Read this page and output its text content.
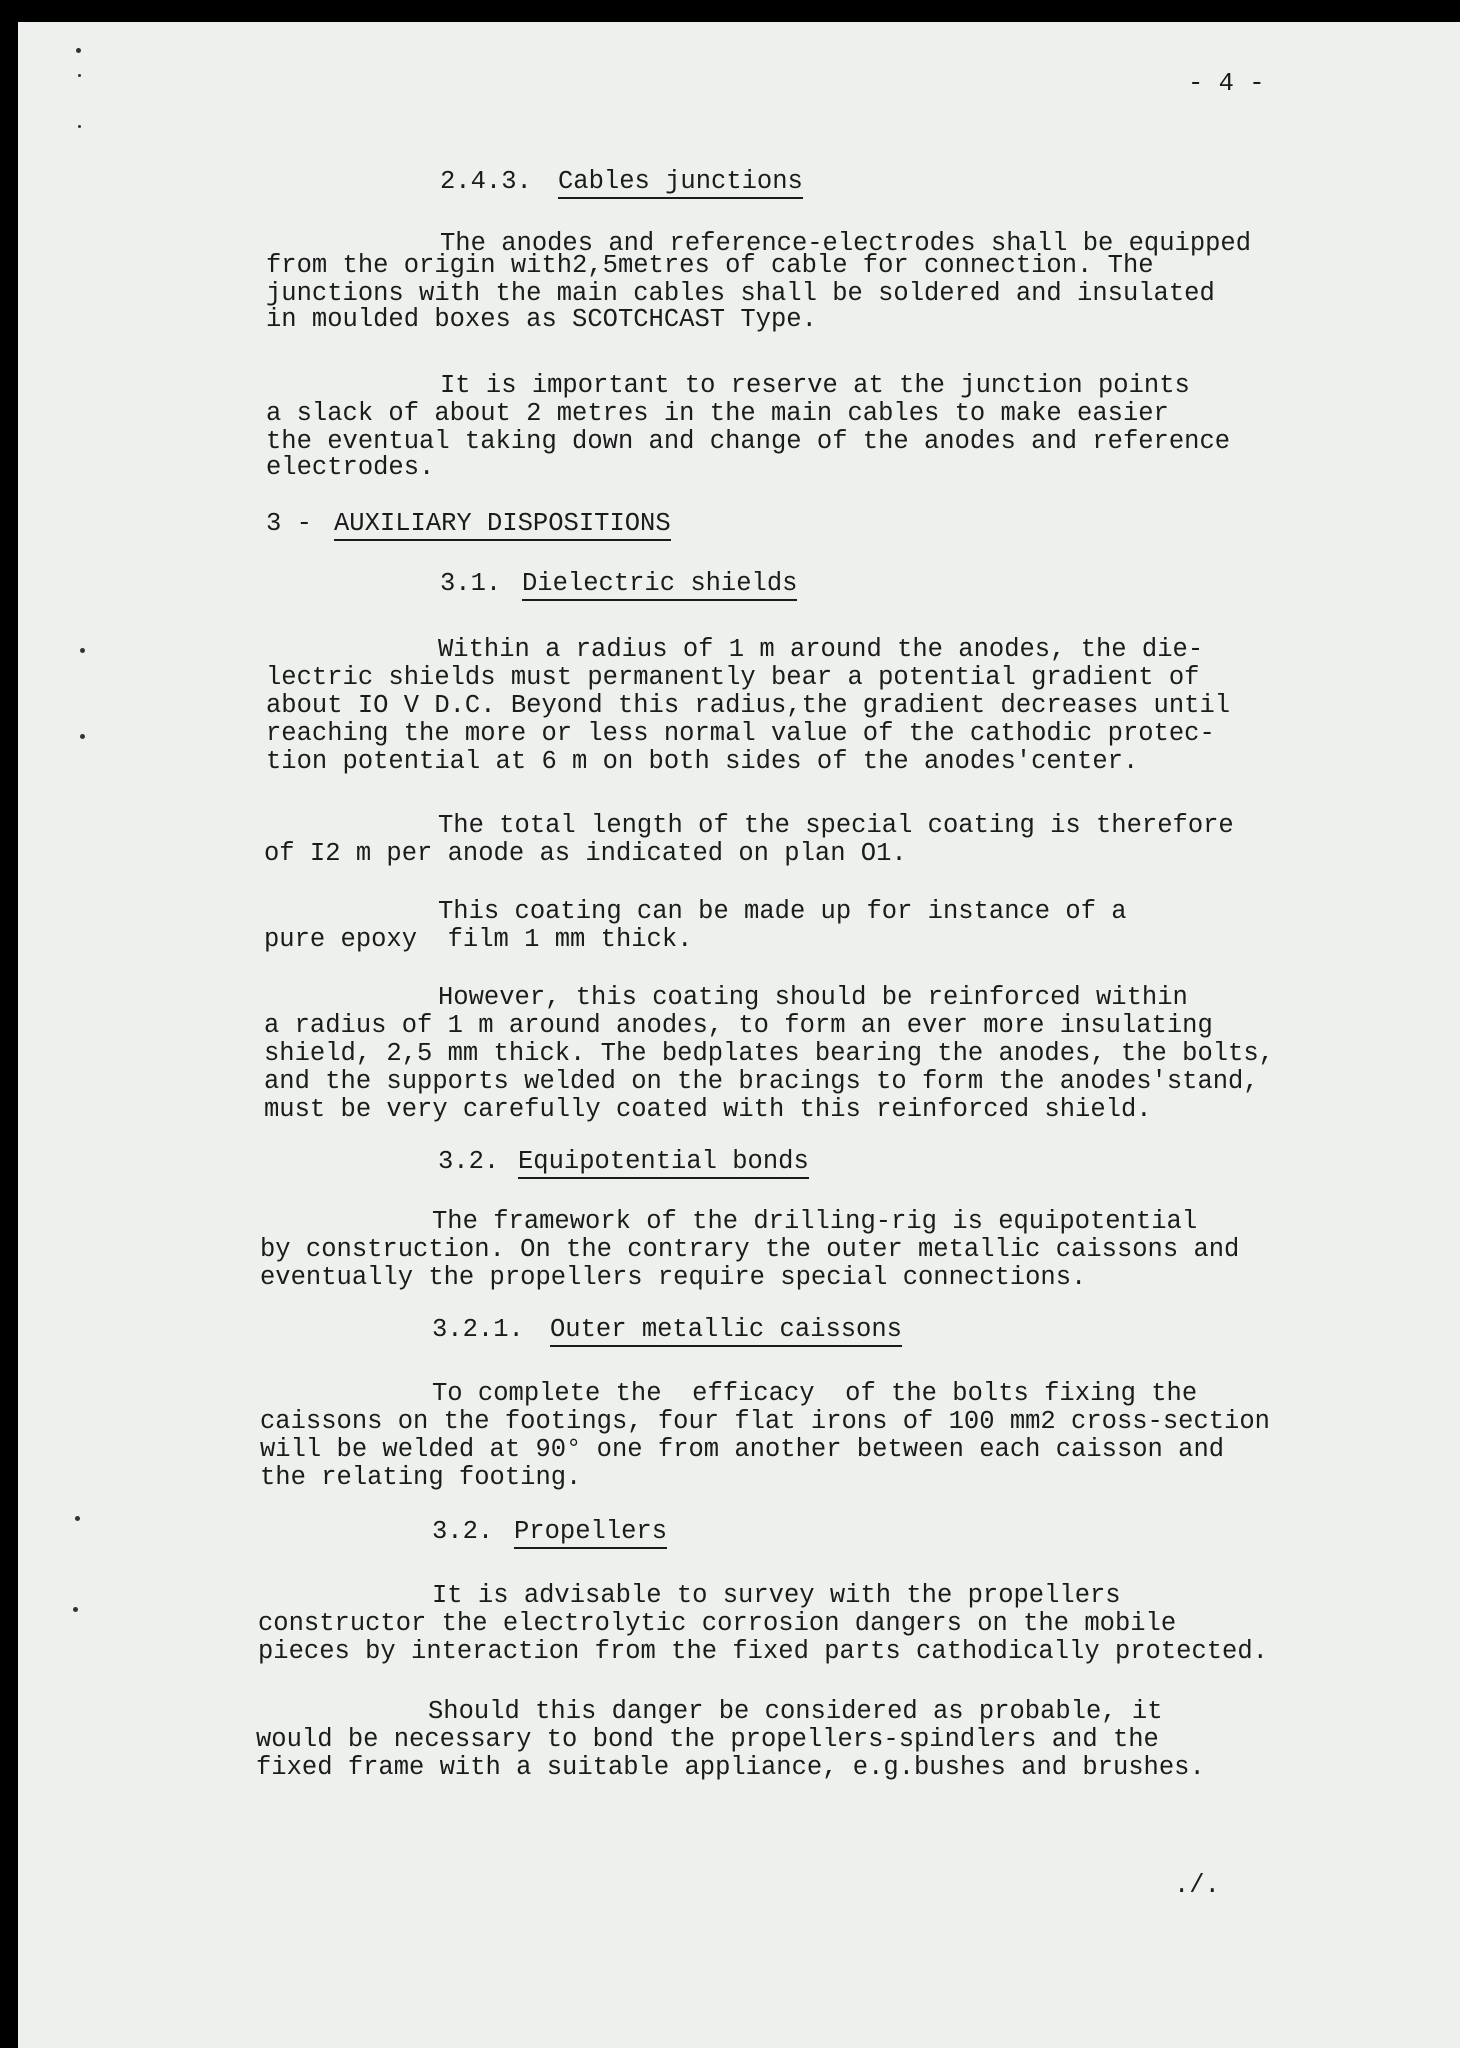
- 4 -
2.4.3. Cables junctions
The anodes and reference-electrodes shall be equipped
from the origin with2,5metres of cable for connection. The
junctions with the main cables shall be soldered and insulated
in moulded boxes as SCOTCHCAST Type.
It is important to reserve at the junction points
a slack of about 2 metres in the main cables to make easier
the eventual taking down and change of the anodes and reference
electrodes.
3 - AUXILIARY DISPOSITIONS
3.1. Dielectric shields
Within a radius of 1 m around the anodes, the die-
lectric shields must permanently bear a potential gradient of
about IO V D.C. Beyond this radius,the gradient decreases until
reaching the more or less normal value of the cathodic protec-
tion potential at 6 m on both sides of the anodes'center.
The total length of the special coating is therefore
of I2 m per anode as indicated on plan O1.
This coating can be made up for instance of a
pure epoxy  film 1 mm thick.
However, this coating should be reinforced within
a radius of 1 m around anodes, to form an ever more insulating
shield, 2,5 mm thick. The bedplates bearing the anodes, the bolts,
and the supports welded on the bracings to form the anodes'stand,
must be very carefully coated with this reinforced shield.
3.2. Equipotential bonds
The framework of the drilling-rig is equipotential
by construction. On the contrary the outer metallic caissons and
eventually the propellers require special connections.
3.2.1. Outer metallic caissons
To complete the  efficacy  of the bolts fixing the
caissons on the footings, four flat irons of 100 mm2 cross-section
will be welded at 90° one from another between each caisson and
the relating footing.
3.2. Propellers
It is advisable to survey with the propellers
constructor the electrolytic corrosion dangers on the mobile
pieces by interaction from the fixed parts cathodically protected.
Should this danger be considered as probable, it
would be necessary to bond the propellers-spindlers and the
fixed frame with a suitable appliance, e.g.bushes and brushes.
./.
